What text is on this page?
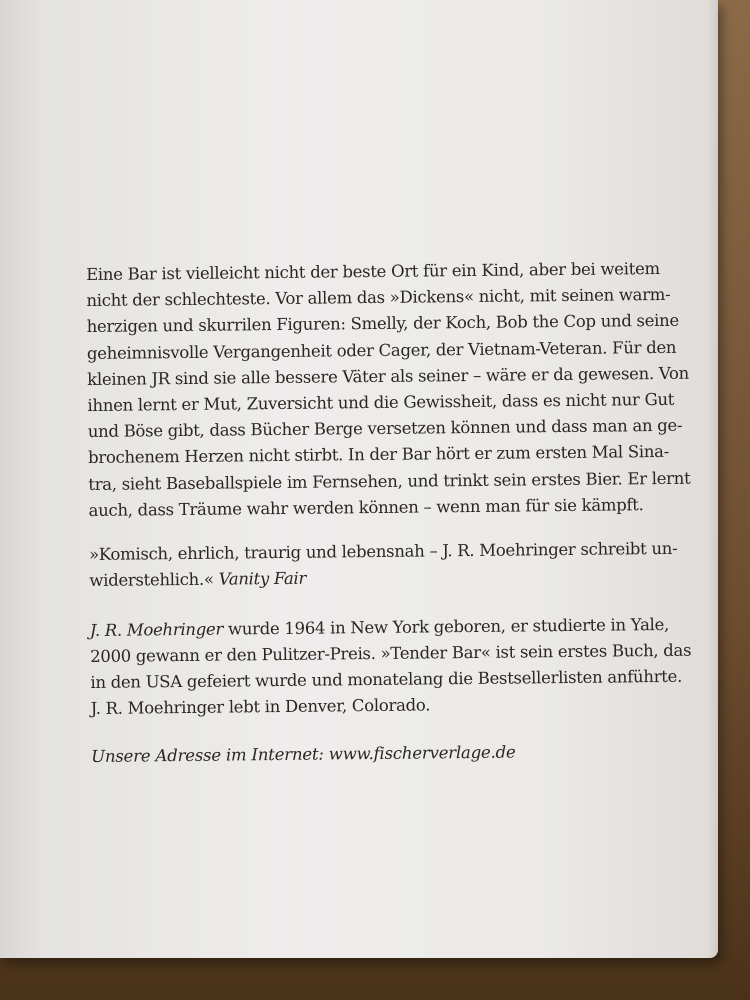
Eine Bar ist vielleicht nicht der beste Ort für ein Kind, aber bei weitem
nicht der schlechteste. Vor allem das »Dickens« nicht, mit seinen warm-
herzigen und skurrilen Figuren: Smelly, der Koch, Bob the Cop und seine
geheimnisvolle Vergangenheit oder Cager, der Vietnam-Veteran. Für den
kleinen JR sind sie alle bessere Väter als seiner – wäre er da gewesen. Von
ihnen lernt er Mut, Zuversicht und die Gewissheit, dass es nicht nur Gut
und Böse gibt, dass Bücher Berge versetzen können und dass man an ge-
brochenem Herzen nicht stirbt. In der Bar hört er zum ersten Mal Sina-
tra, sieht Baseballspiele im Fernsehen, und trinkt sein erstes Bier. Er lernt
auch, dass Träume wahr werden können – wenn man für sie kämpft.

»Komisch, ehrlich, traurig und lebensnah – J. R. Moehringer schreibt un-
widerstehlich.« Vanity Fair

J. R. Moehringer wurde 1964 in New York geboren, er studierte in Yale,
2000 gewann er den Pulitzer-Preis. »Tender Bar« ist sein erstes Buch, das
in den USA gefeiert wurde und monatelang die Bestsellerlisten anführte.
J. R. Moehringer lebt in Denver, Colorado.

Unsere Adresse im Internet: www.fischerverlage.de
